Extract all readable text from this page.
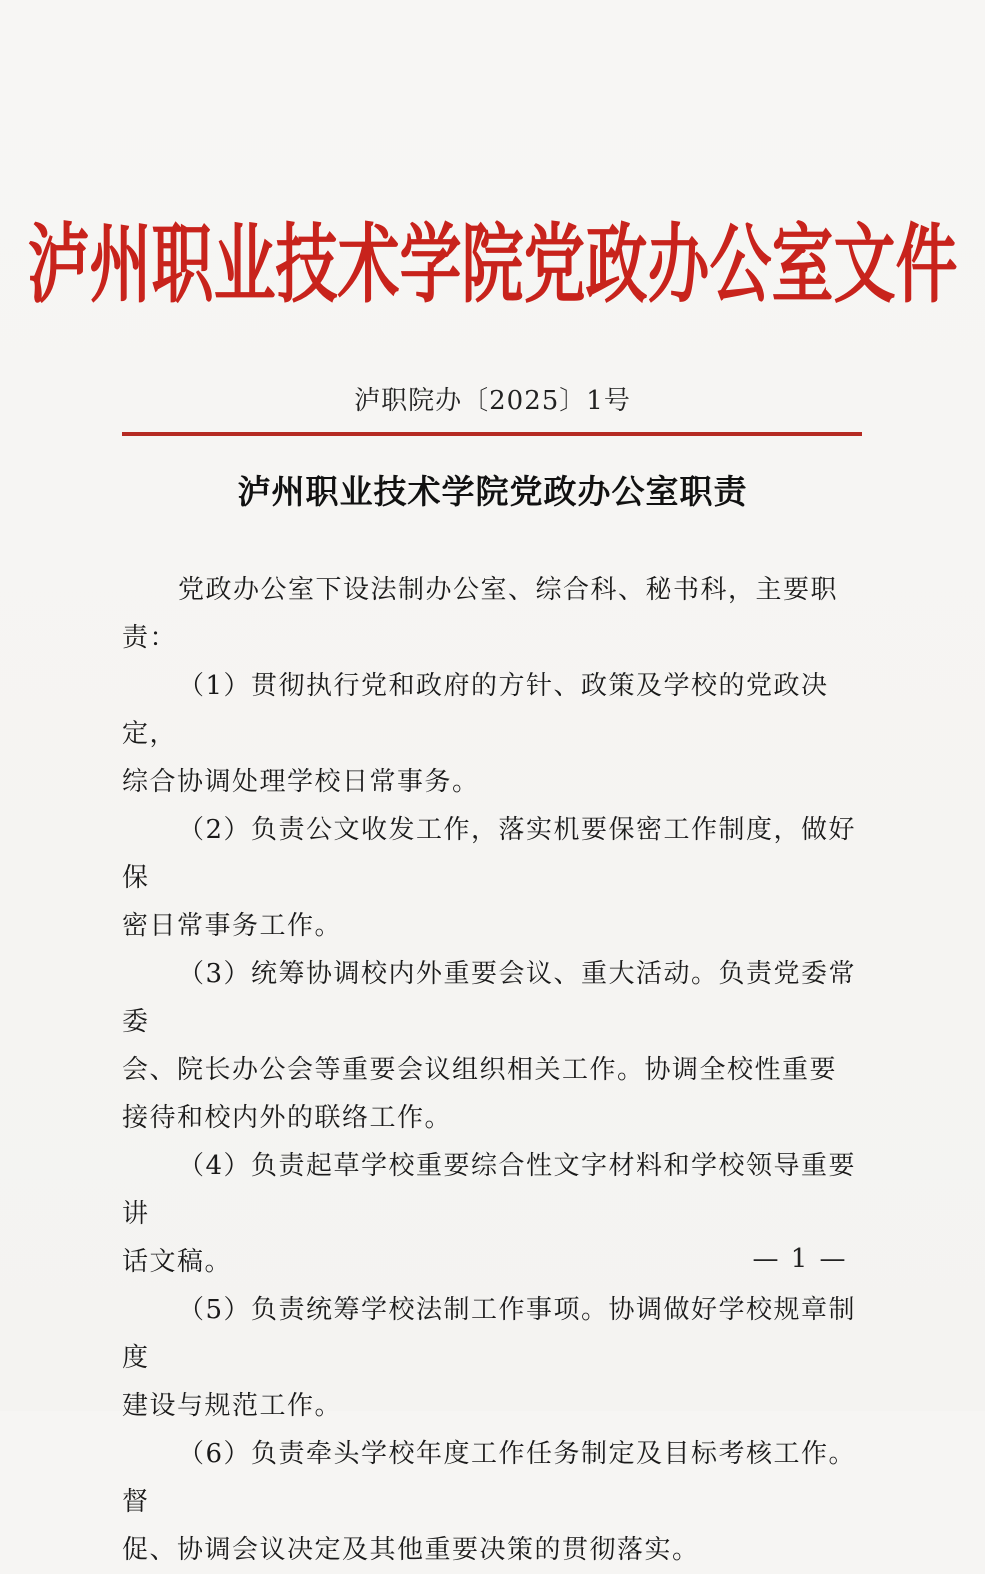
泸州职业技术学院党政办公室文件
泸职院办〔2025〕1号
泸州职业技术学院党政办公室职责

党政办公室下设法制办公室、综合科、秘书科，主要职责：

（1）贯彻执行党和政府的方针、政策及学校的党政决定，

综合协调处理学校日常事务。

（2）负责公文收发工作，落实机要保密工作制度，做好保

密日常事务工作。

（3）统筹协调校内外重要会议、重大活动。负责党委常委

会、院长办公会等重要会议组织相关工作。协调全校性重要接待和校内外的联络工作。

（4）负责起草学校重要综合性文字材料和学校领导重要讲

话文稿。

（5）负责统筹学校法制工作事项。协调做好学校规章制度

建设与规范工作。

（6）负责牵头学校年度工作任务制定及目标考核工作。督

促、协调会议决定及其他重要决策的贯彻落实。

— 1 —
